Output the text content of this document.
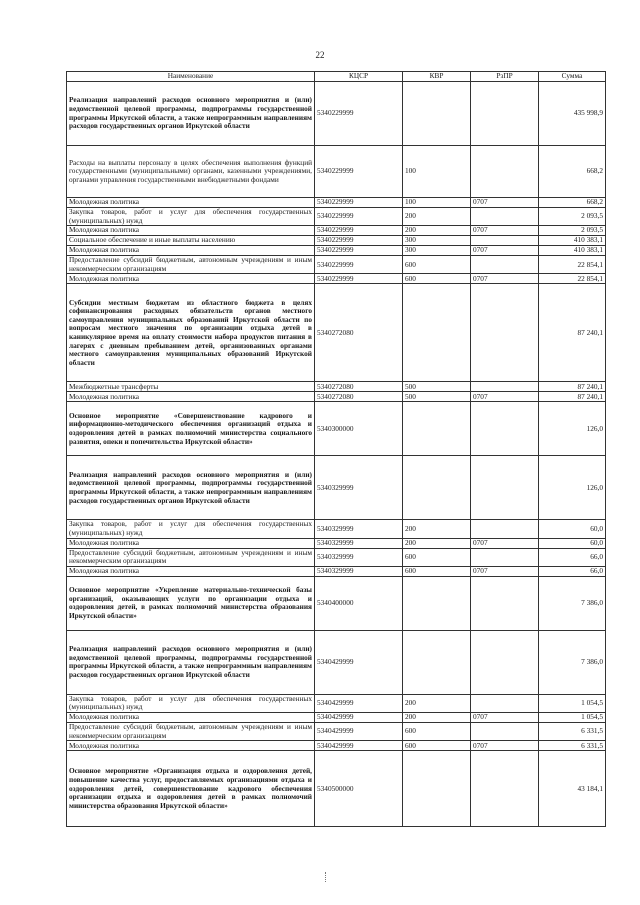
22
Наименование	КЦСР	КВР	РзПР	Сумма
Реализация направлений расходов основного мероприятия и (или) ведомственной целевой программы, подпрограммы государственной программы Иркутской области, а также непрограммным направлениям расходов государственных органов Иркутской области	5340229999			435 998,9
Расходы на выплаты персоналу в целях обеспечения выполнения функций государственными (муниципальными) органами, казенными учреждениями, органами управления государственными внебюджетными фондами	5340229999	100		668,2
Молодежная политика	5340229999	100	0707	668,2
Закупка товаров, работ и услуг для обеспечения государственных (муниципальных) нужд	5340229999	200		2 093,5
Молодежная политика	5340229999	200	0707	2 093,5
Социальное обеспечение и иные выплаты населению	5340229999	300		410 383,1
Молодежная политика	5340229999	300	0707	410 383,1
Предоставление субсидий бюджетным, автономным учреждениям и иным некоммерческим организациям	5340229999	600		22 854,1
Молодежная политика	5340229999	600	0707	22 854,1
Субсидии местным бюджетам из областного бюджета в целях софинансирования расходных обязательств органов местного самоуправления муниципальных образований Иркутской области по вопросам местного значения по организации отдыха детей в каникулярное время на оплату стоимости набора продуктов питания в лагерях с дневным пребыванием детей, организованных органами местного самоуправления муниципальных образований Иркутской области	5340272080			87 240,1
Межбюджетные трансферты	5340272080	500		87 240,1
Молодежная политика	5340272080	500	0707	87 240,1
Основное мероприятие «Совершенствование кадрового и информационно-методического обеспечения организаций отдыха и оздоровления детей в рамках полномочий министерства социального развития, опеки и попечительства Иркутской области»	5340300000			126,0
Реализация направлений расходов основного мероприятия и (или) ведомственной целевой программы, подпрограммы государственной программы Иркутской области, а также непрограммным направлениям расходов государственных органов Иркутской области	5340329999			126,0
Закупка товаров, работ и услуг для обеспечения государственных (муниципальных) нужд	5340329999	200		60,0
Молодежная политика	5340329999	200	0707	60,0
Предоставление субсидий бюджетным, автономным учреждениям и иным некоммерческим организациям	5340329999	600		66,0
Молодежная политика	5340329999	600	0707	66,0
Основное мероприятие «Укрепление материально-технической базы организаций, оказывающих услуги по организации отдыха и оздоровления детей, в рамках полномочий министерства образования Иркутской области»	5340400000			7 386,0
Реализация направлений расходов основного мероприятия и (или) ведомственной целевой программы, подпрограммы государственной программы Иркутской области, а также непрограммным направлениям расходов государственных органов Иркутской области	5340429999			7 386,0
Закупка товаров, работ и услуг для обеспечения государственных (муниципальных) нужд	5340429999	200		1 054,5
Молодежная политика	5340429999	200	0707	1 054,5
Предоставление субсидий бюджетным, автономным учреждениям и иным некоммерческим организациям	5340429999	600		6 331,5
Молодежная политика	5340429999	600	0707	6 331,5
Основное мероприятие «Организация отдыха и оздоровления детей, повышение качества услуг, предоставляемых организациями отдыха и оздоровления детей, совершенствование кадрового обеспечения организации отдыха и оздоровления детей в рамках полномочий министерства образования Иркутской области»	5340500000			43 184,1
